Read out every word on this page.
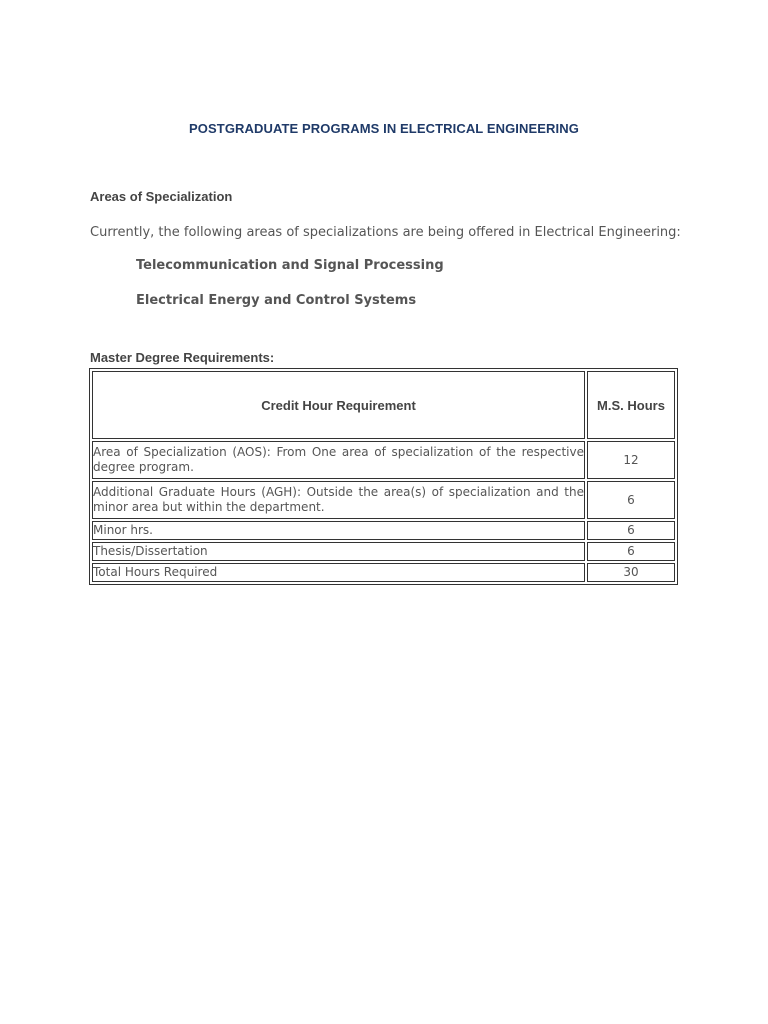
POSTGRADUATE PROGRAMS IN ELECTRICAL ENGINEERING
Areas of Specialization
Currently, the following areas of specializations are being offered in Electrical Engineering:
Telecommunication and Signal Processing
Electrical Energy and Control Systems
Master Degree Requirements:
Credit Hour Requirement	M.S. Hours
Area of Specialization (AOS): From One area of specialization of the respective degree program.	12
Additional Graduate Hours (AGH): Outside the area(s) of specialization and the minor area but within the department.	6
Minor hrs.	6
Thesis/Dissertation	6
Total Hours Required	30
